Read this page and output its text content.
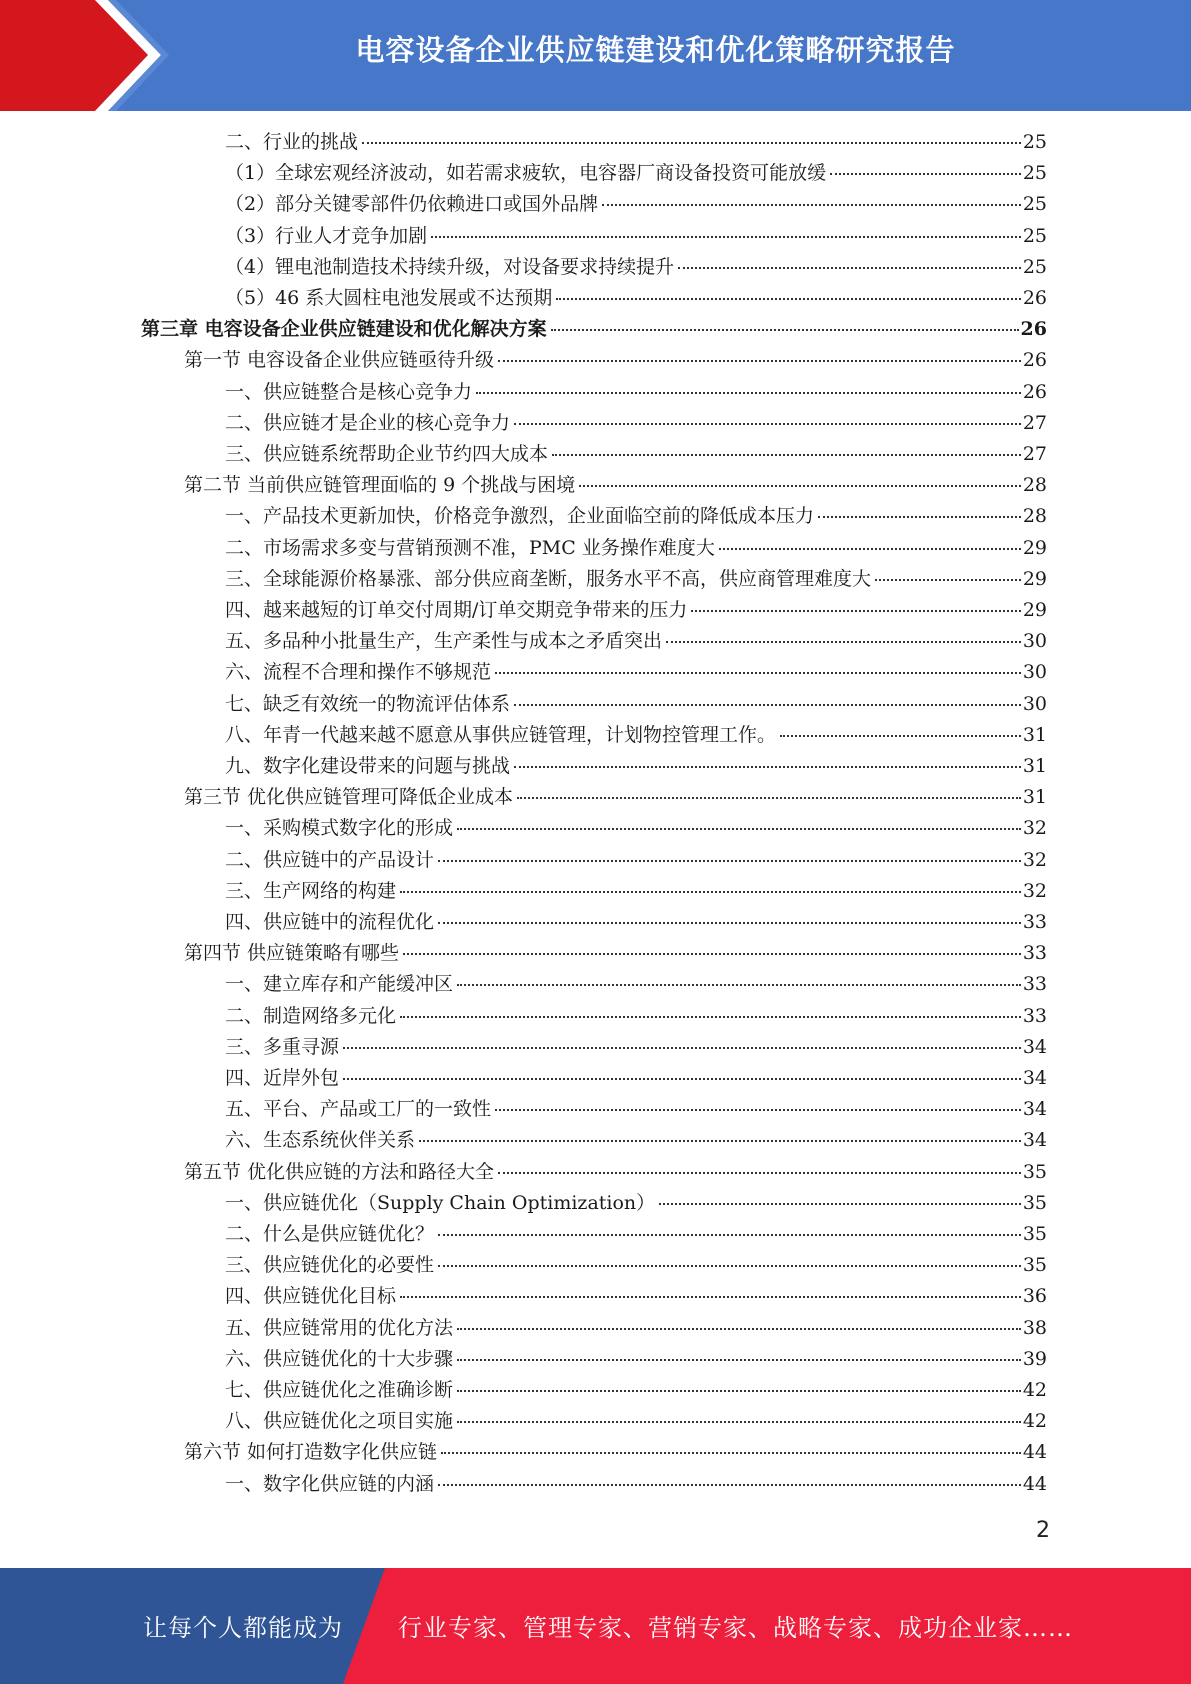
电容设备企业供应链建设和优化策略研究报告
二、行业的挑战	25
（1）全球宏观经济波动，如若需求疲软，电容器厂商设备投资可能放缓	25
（2）部分关键零部件仍依赖进口或国外品牌	25
（3）行业人才竞争加剧	25
（4）锂电池制造技术持续升级，对设备要求持续提升	25
（5）46 系大圆柱电池发展或不达预期	26
第三章 电容设备企业供应链建设和优化解决方案	26
第一节 电容设备企业供应链亟待升级	26
一、供应链整合是核心竞争力	26
二、供应链才是企业的核心竞争力	27
三、供应链系统帮助企业节约四大成本	27
第二节 当前供应链管理面临的 9 个挑战与困境	28
一、产品技术更新加快，价格竞争激烈，企业面临空前的降低成本压力	28
二、市场需求多变与营销预测不准，PMC 业务操作难度大	29
三、全球能源价格暴涨、部分供应商垄断，服务水平不高，供应商管理难度大	29
四、越来越短的订单交付周期/订单交期竞争带来的压力	29
五、多品种小批量生产，生产柔性与成本之矛盾突出	30
六、流程不合理和操作不够规范	30
七、缺乏有效统一的物流评估体系	30
八、年青一代越来越不愿意从事供应链管理，计划物控管理工作。	31
九、数字化建设带来的问题与挑战	31
第三节 优化供应链管理可降低企业成本	31
一、采购模式数字化的形成	32
二、供应链中的产品设计	32
三、生产网络的构建	32
四、供应链中的流程优化	33
第四节 供应链策略有哪些	33
一、建立库存和产能缓冲区	33
二、制造网络多元化	33
三、多重寻源	34
四、近岸外包	34
五、平台、产品或工厂的一致性	34
六、生态系统伙伴关系	34
第五节 优化供应链的方法和路径大全	35
一、供应链优化（Supply Chain Optimization）	35
二、什么是供应链优化？	35
三、供应链优化的必要性	35
四、供应链优化目标	36
五、供应链常用的优化方法	38
六、供应链优化的十大步骤	39
七、供应链优化之准确诊断	42
八、供应链优化之项目实施	42
第六节 如何打造数字化供应链	44
一、数字化供应链的内涵	44
2
让每个人都能成为 行业专家、管理专家、营销专家、战略专家、成功企业家……
